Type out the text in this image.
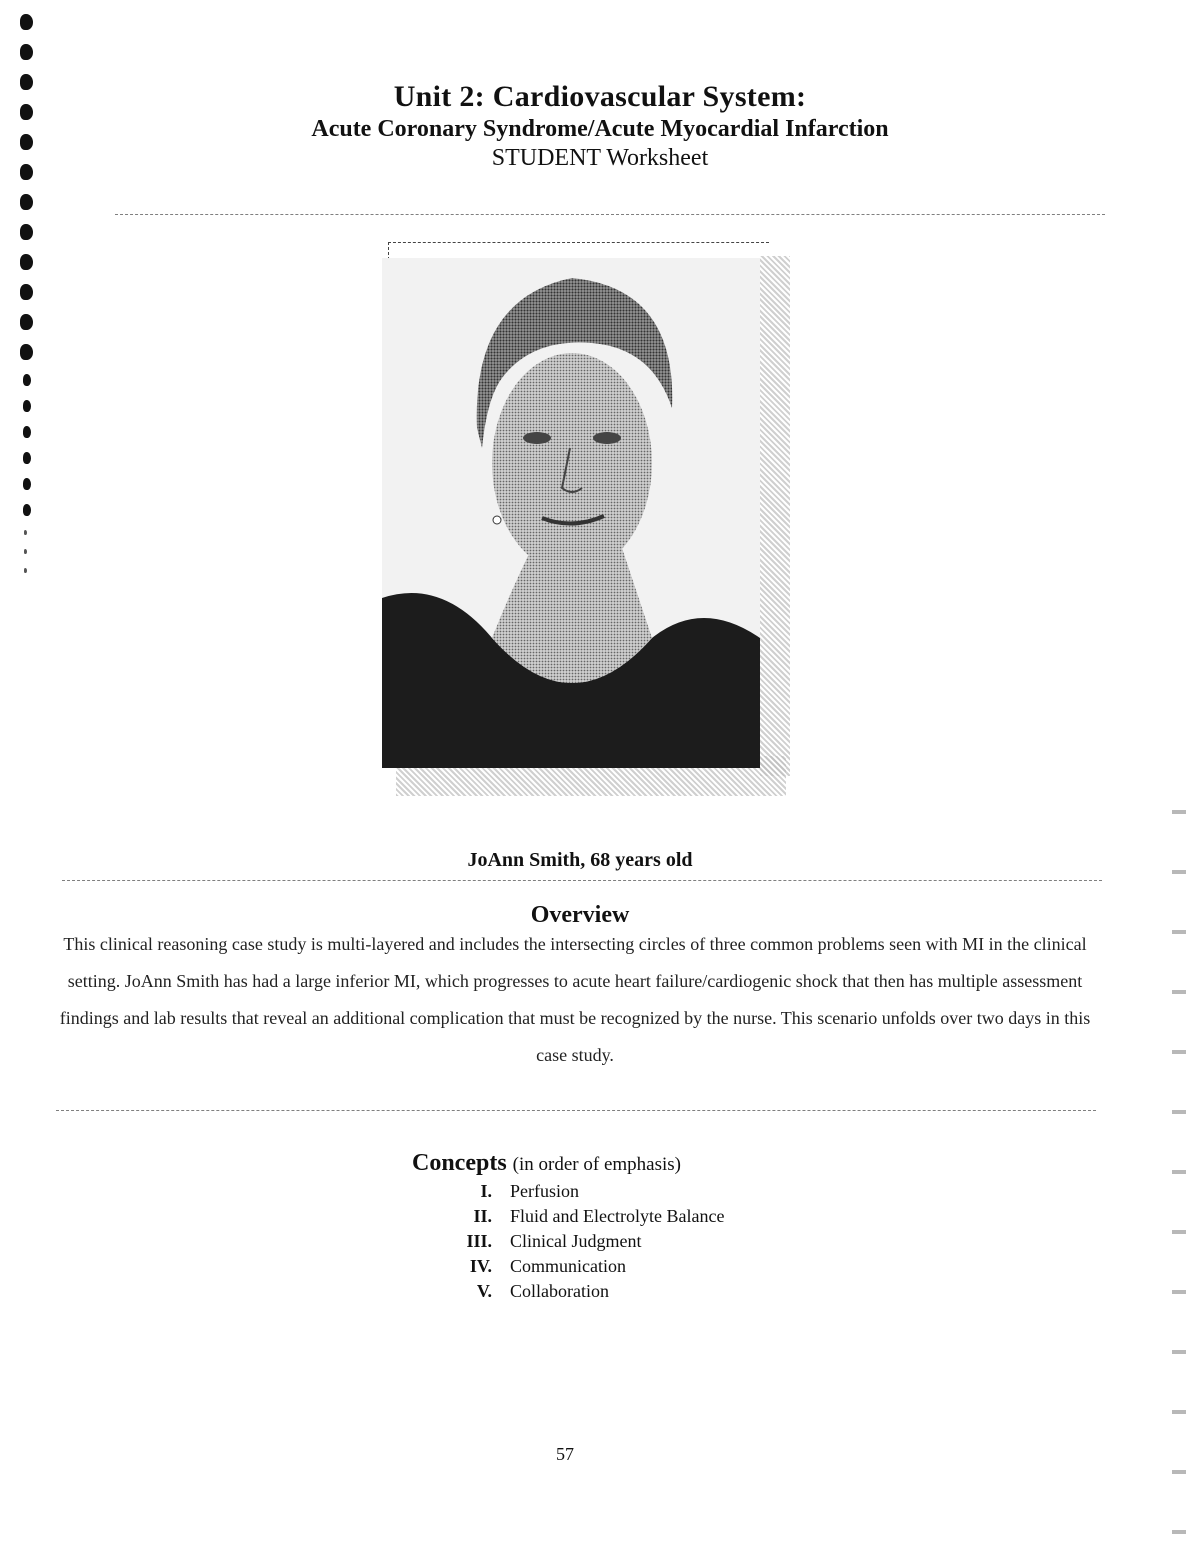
Unit 2: Cardiovascular System:
Acute Coronary Syndrome/Acute Myocardial Infarction
STUDENT Worksheet
JoAnn Smith, 68 years old
Overview
This clinical reasoning case study is multi-layered and includes the intersecting circles of three common problems seen with MI in the clinical setting. JoAnn Smith has had a large inferior MI, which progresses to acute heart failure/cardiogenic shock that then has multiple assessment findings and lab results that reveal an additional complication that must be recognized by the nurse. This scenario unfolds over two days in this case study.
Concepts (in order of emphasis)
I.	Perfusion
II.	Fluid and Electrolyte Balance
III.	Clinical Judgment
IV.	Communication
V.	Collaboration
57
